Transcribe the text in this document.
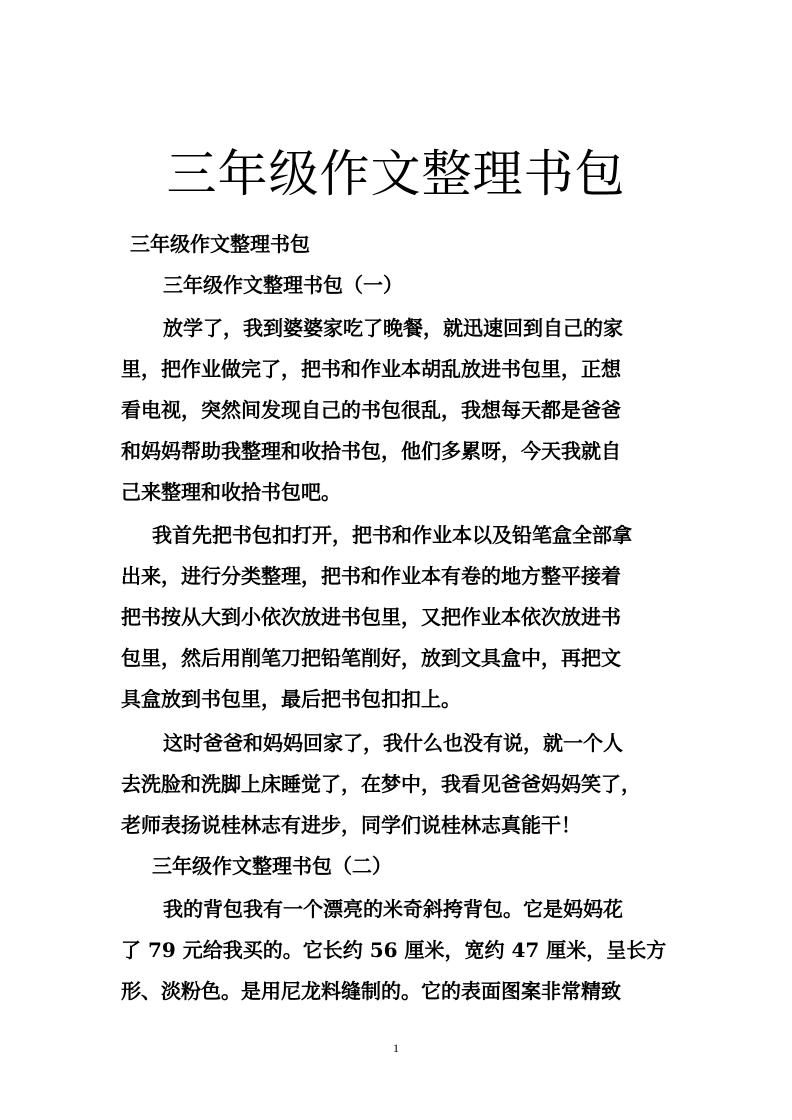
三年级作文整理书包

三年级作文整理书包

三年级作文整理书包（一）

放学了，我到婆婆家吃了晚餐，就迅速回到自己的家

里，把作业做完了，把书和作业本胡乱放进书包里，正想

看电视，突然间发现自己的书包很乱，我想每天都是爸爸

和妈妈帮助我整理和收拾书包，他们多累呀，今天我就自

己来整理和收拾书包吧。

我首先把书包扣打开，把书和作业本以及铅笔盒全部拿

出来，进行分类整理，把书和作业本有卷的地方整平接着

把书按从大到小依次放进书包里，又把作业本依次放进书

包里，然后用削笔刀把铅笔削好，放到文具盒中，再把文

具盒放到书包里，最后把书包扣扣上。

这时爸爸和妈妈回家了，我什么也没有说，就一个人

去洗脸和洗脚上床睡觉了，在梦中，我看见爸爸妈妈笑了，

老师表扬说桂林志有进步，同学们说桂林志真能干！

三年级作文整理书包（二）

我的背包我有一个漂亮的米奇斜挎背包。它是妈妈花

了 79 元给我买的。它长约 56 厘米，宽约 47 厘米，呈长方

形、淡粉色。是用尼龙料缝制的。它的表面图案非常精致

1
